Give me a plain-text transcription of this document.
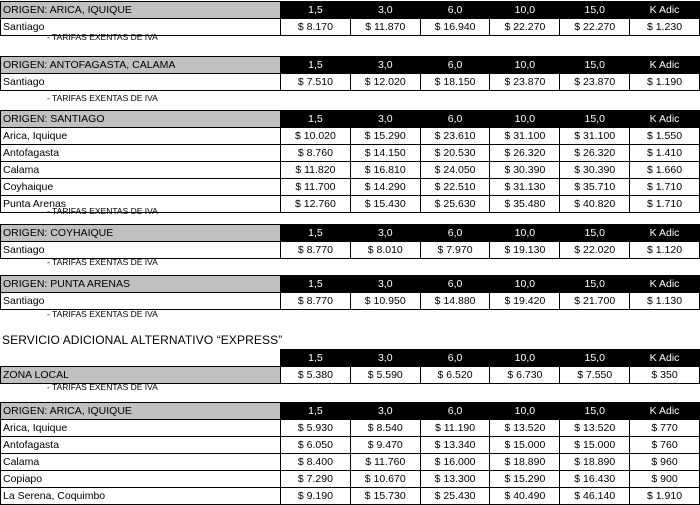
ORIGEN: ARICA, IQUIQUE	1,5	3,0	6,0	10,0	15,0	K Adic
Santiago	$ 8.170	$ 11.870	$ 16.940	$ 22.270	$ 22.270	$ 1.230
- TARIFAS EXENTAS DE IVA
ORIGEN: ANTOFAGASTA, CALAMA	1,5	3,0	6,0	10,0	15,0	K Adic
Santiago	$ 7.510	$ 12.020	$ 18.150	$ 23.870	$ 23.870	$ 1.190
- TARIFAS EXENTAS DE IVA
ORIGEN: SANTIAGO	1,5	3,0	6,0	10,0	15,0	K Adic
Arica, Iquique	$ 10.020	$ 15.290	$ 23.610	$ 31.100	$ 31.100	$ 1.550
Antofagasta	$ 8.760	$ 14.150	$ 20.530	$ 26.320	$ 26.320	$ 1.410
Calama	$ 11.820	$ 16.810	$ 24.050	$ 30.390	$ 30.390	$ 1.660
Coyhaique	$ 11.700	$ 14.290	$ 22.510	$ 31.130	$ 35.710	$ 1.710
Punta Arenas	$ 12.760	$ 15.430	$ 25.630	$ 35.480	$ 40.820	$ 1.710
- TARIFAS EXENTAS DE IVA
ORIGEN: COYHAIQUE	1,5	3,0	6,0	10,0	15,0	K Adic
Santiago	$ 8.770	$ 8.010	$ 7.970	$ 19.130	$ 22.020	$ 1.120
- TARIFAS EXENTAS DE IVA
ORIGEN: PUNTA ARENAS	1,5	3,0	6,0	10,0	15,0	K Adic
Santiago	$ 8.770	$ 10.950	$ 14.880	$ 19.420	$ 21.700	$ 1.130
- TARIFAS EXENTAS DE IVA
SERVICIO ADICIONAL ALTERNATIVO “EXPRESS”
	1,5	3,0	6,0	10,0	15,0	K Adic
ZONA LOCAL	$ 5.380	$ 5.590	$ 6.520	$ 6.730	$ 7.550	$ 350
- TARIFAS EXENTAS DE IVA
ORIGEN: ARICA, IQUIQUE	1,5	3,0	6,0	10,0	15,0	K Adic
Arica, Iquique	$ 5.930	$ 8.540	$ 11.190	$ 13.520	$ 13.520	$ 770
Antofagasta	$ 6.050	$ 9.470	$ 13.340	$ 15.000	$ 15.000	$ 760
Calama	$ 8.400	$ 11.760	$ 16.000	$ 18.890	$ 18.890	$ 960
Copiapo	$ 7.290	$ 10.670	$ 13.300	$ 15.290	$ 16.430	$ 900
La Serena, Coquimbo	$ 9.190	$ 15.730	$ 25.430	$ 40.490	$ 46.140	$ 1.910
